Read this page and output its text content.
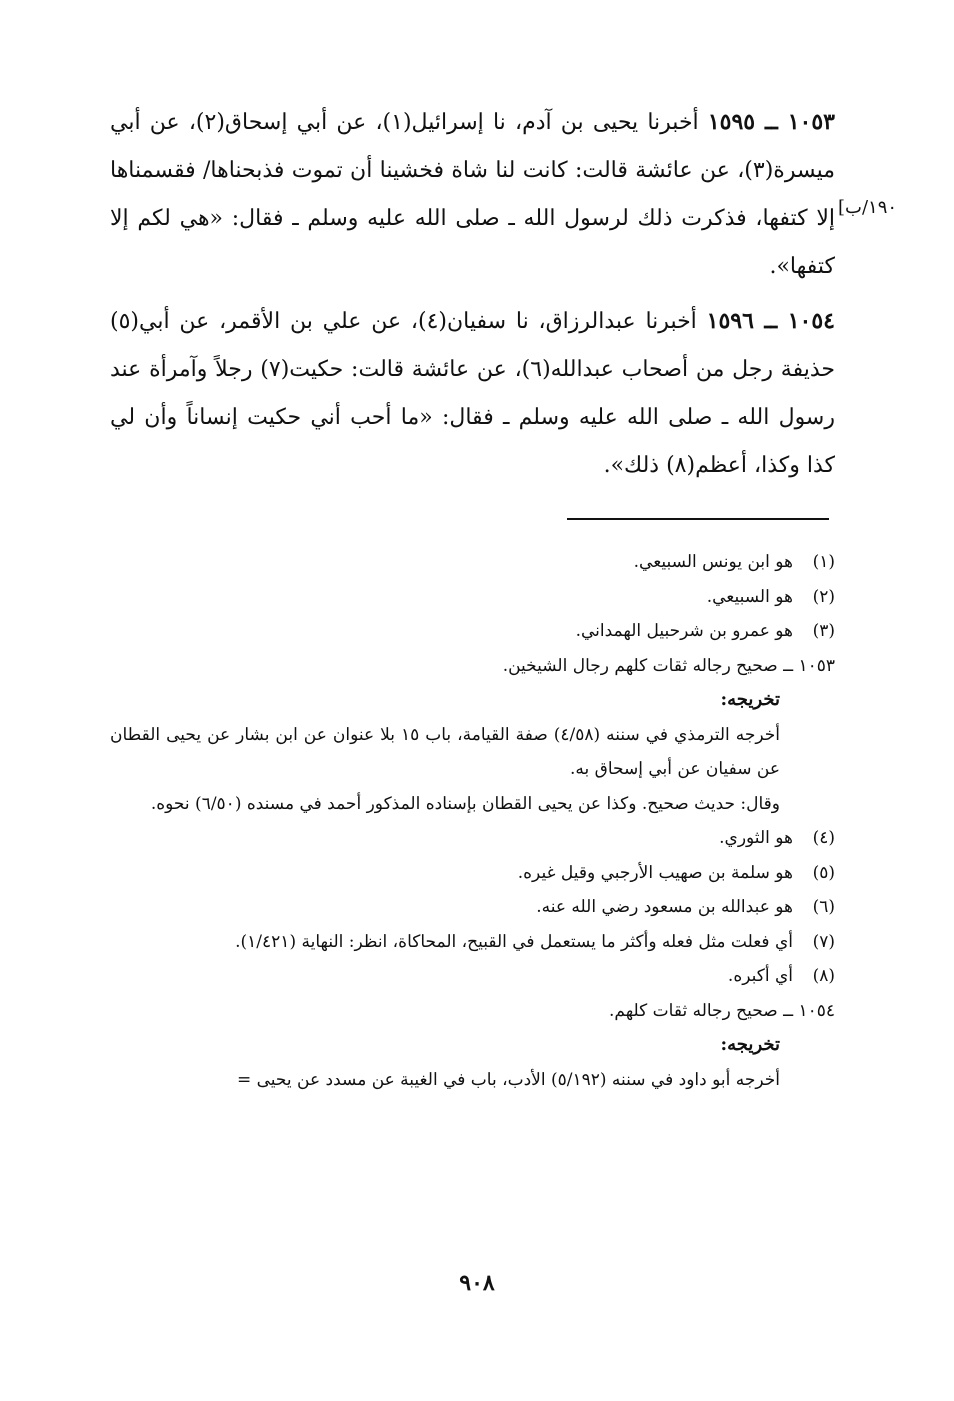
١٠٥٣ ــ ١٥٩٥ أخبرنا يحيى بن آدم، نا إسرائيل(١)، عن أبي إسحاق(٢)، عن أبي ميسرة(٣)، عن عائشة قالت: كانت لنا شاة فخشينا أن تموت فذبحناها/ فقسمناها إلا كتفها، فذكرت ذلك لرسول الله ـ صلى الله عليه وسلم ـ فقال: «هي لكم إلا كتفها».

١٠٥٤ ــ ١٥٩٦ أخبرنا عبدالرزاق، نا سفيان(٤)، عن علي بن الأقمر، عن أبي(٥) حذيفة رجل من أصحاب عبدالله(٦)، عن عائشة قالت: حكيت(٧) رجلاً وآمرأة عند رسول الله ـ صلى الله عليه وسلم ـ فقال: «ما أحب أني حكيت إنساناً وأن لي كذا وكذا، أعظم(٨) ذلك».

[١٩٠/ب
(١)
هو ابن يونس السبيعي.
(٢)
هو السبيعي.
(٣)
هو عمرو بن شرحبيل الهمداني.
١٠٥٣ ــ صحيح رجاله ثقات كلهم رجال الشيخين.
تخريجه:
أخرجه الترمذي في سننه (٤/٥٨) صفة القيامة، باب ١٥ بلا عنوان عن ابن بشار عن يحيى القطان عن سفيان عن أبي إسحاق به.
وقال: حديث صحيح. وكذا عن يحيى القطان بإسناده المذكور أحمد في مسنده (٦/٥٠) نحوه.
(٤)
هو الثوري.
(٥)
هو سلمة بن صهيب الأرجبي وقيل غيره.
(٦)
هو عبدالله بن مسعود رضي الله عنه.
(٧)
أي فعلت مثل فعله وأكثر ما يستعمل في القبيح، المحاكاة، انظر: النهاية (١/٤٢١).
(٨)
أي أكبره.
١٠٥٤ ــ صحيح رجاله ثقات كلهم.
تخريجه:
أخرجه أبو داود في سننه (٥/١٩٢) الأدب، باب في الغيبة عن مسدد عن يحيى =
٩٠٨
